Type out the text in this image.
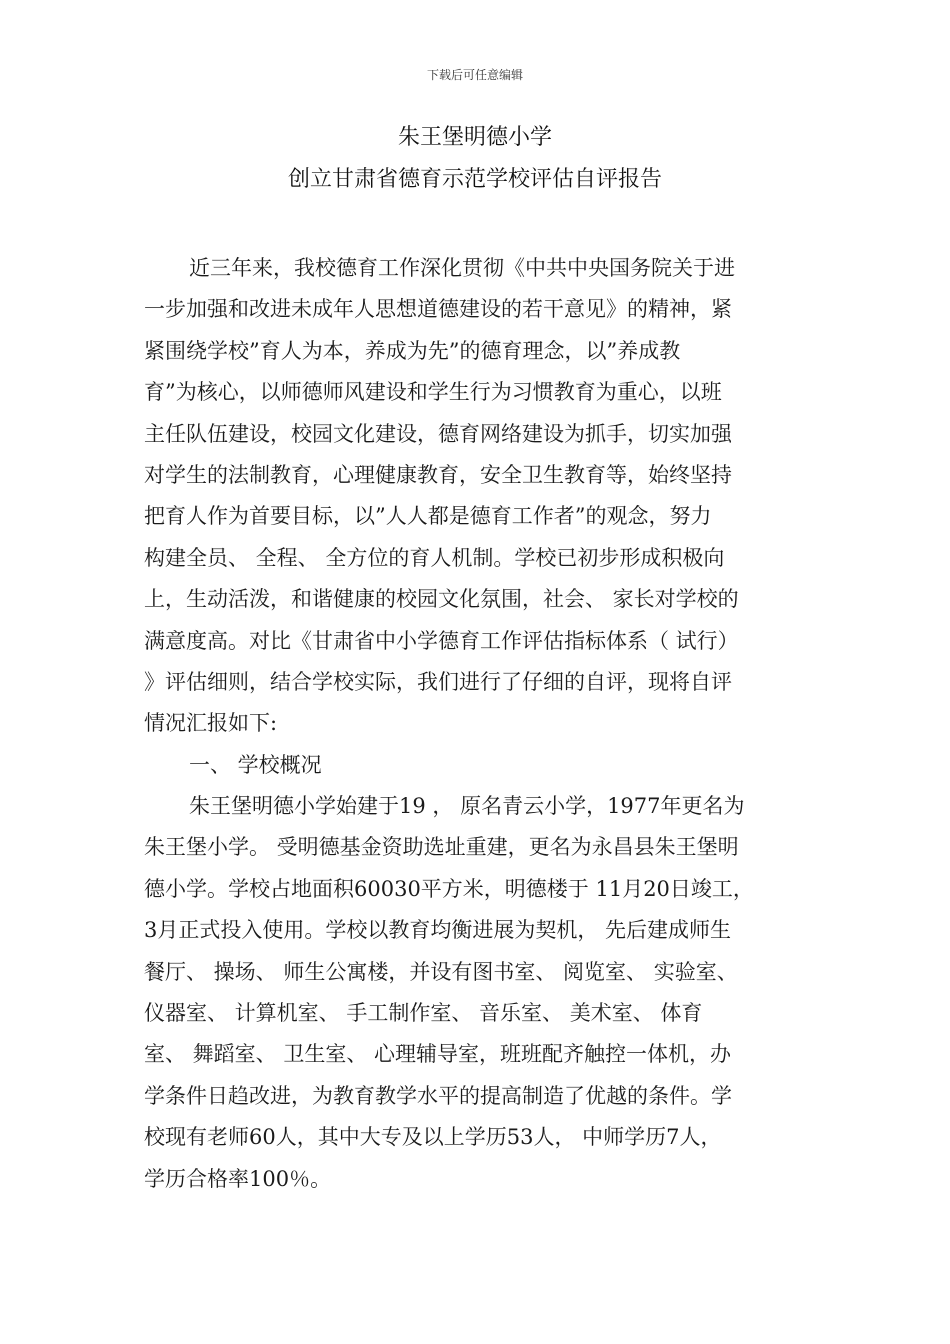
下载后可任意编辑
朱王堡明德小学
创立甘肃省德育示范学校评估自评报告
近三年来，我校德育工作深化贯彻《中共中央国务院关于进
一步加强和改进未成年人思想道德建设的若干意见》的精神，紧
紧围绕学校”育人为本，养成为先”的德育理念，以”养成教
育”为核心，以师德师风建设和学生行为习惯教育为重心，以班
主任队伍建设，校园文化建设，德育网络建设为抓手，切实加强
对学生的法制教育，心理健康教育，安全卫生教育等，始终坚持
把育人作为首要目标，以”人人都是德育工作者”的观念，努力
构建全员、 全程、 全方位的育人机制。学校已初步形成积极向
上，生动活泼，和谐健康的校园文化氛围，社会、 家长对学校的
满意度高。对比《甘肃省中小学德育工作评估指标体系（ 试行）
》评估细则，结合学校实际，我们进行了仔细的自评，现将自评
情况汇报如下:
一、 学校概况
朱王堡明德小学始建于19 ， 原名青云小学，1977年更名为
朱王堡小学。 受明德基金资助选址重建，更名为永昌县朱王堡明
德小学。学校占地面积60030平方米，明德楼于 11月20日竣工，
3月正式投入使用。学校以教育均衡进展为契机， 先后建成师生
餐厅、 操场、 师生公寓楼，并设有图书室、 阅览室、 实验室、
仪器室、 计算机室、 手工制作室、 音乐室、 美术室、 体育
室、 舞蹈室、 卫生室、 心理辅导室，班班配齐触控一体机，办
学条件日趋改进，为教育教学水平的提高制造了优越的条件。学
校现有老师60人，其中大专及以上学历53人， 中师学历7人，
学历合格率100％。
